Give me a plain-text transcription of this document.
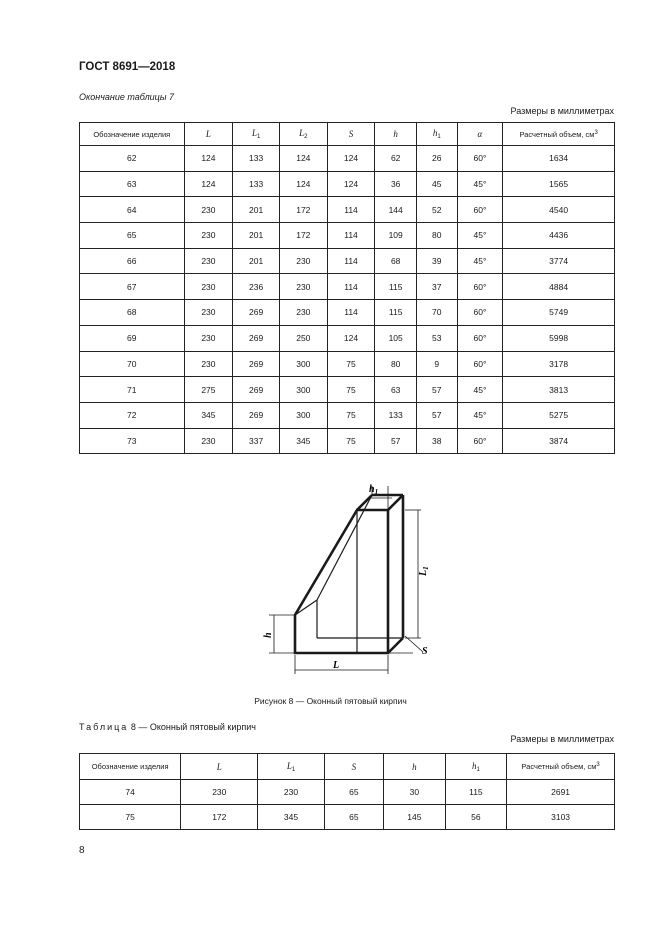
ГОСТ 8691—2018
Окончание таблицы 7
Размеры в миллиметрах
Обозначение изделия	L	$L_1$	$L_2$	S	h	$h_1$	α	Расчетный объем, $см^3$
62	124	133	124	124	62	26	60°	1634
63	124	133	124	124	36	45	45°	1565
64	230	201	172	114	144	52	60°	4540
65	230	201	172	114	109	80	45°	4436
66	230	201	230	114	68	39	45°	3774
67	230	236	230	114	115	37	60°	4884
68	230	269	230	114	115	70	60°	5749
69	230	269	250	124	105	53	60°	5998
70	230	269	300	75	80	9	60°	3178
71	275	269	300	75	63	57	45°	3813
72	345	269	300	75	133	57	45°	5275
73	230	337	345	75	57	38	60°	3874
$h_1$
$L_1$
h
L
S
Рисунок 8 — Оконный пятовый кирпич
Таблица 8 — Оконный пятовый кирпич
Размеры в миллиметрах
Обозначение изделия	L	$L_1$	S	h	$h_1$	Расчетный объем, $см^3$
74	230	230	65	30	115	2691
75	172	345	65	145	56	3103
8
